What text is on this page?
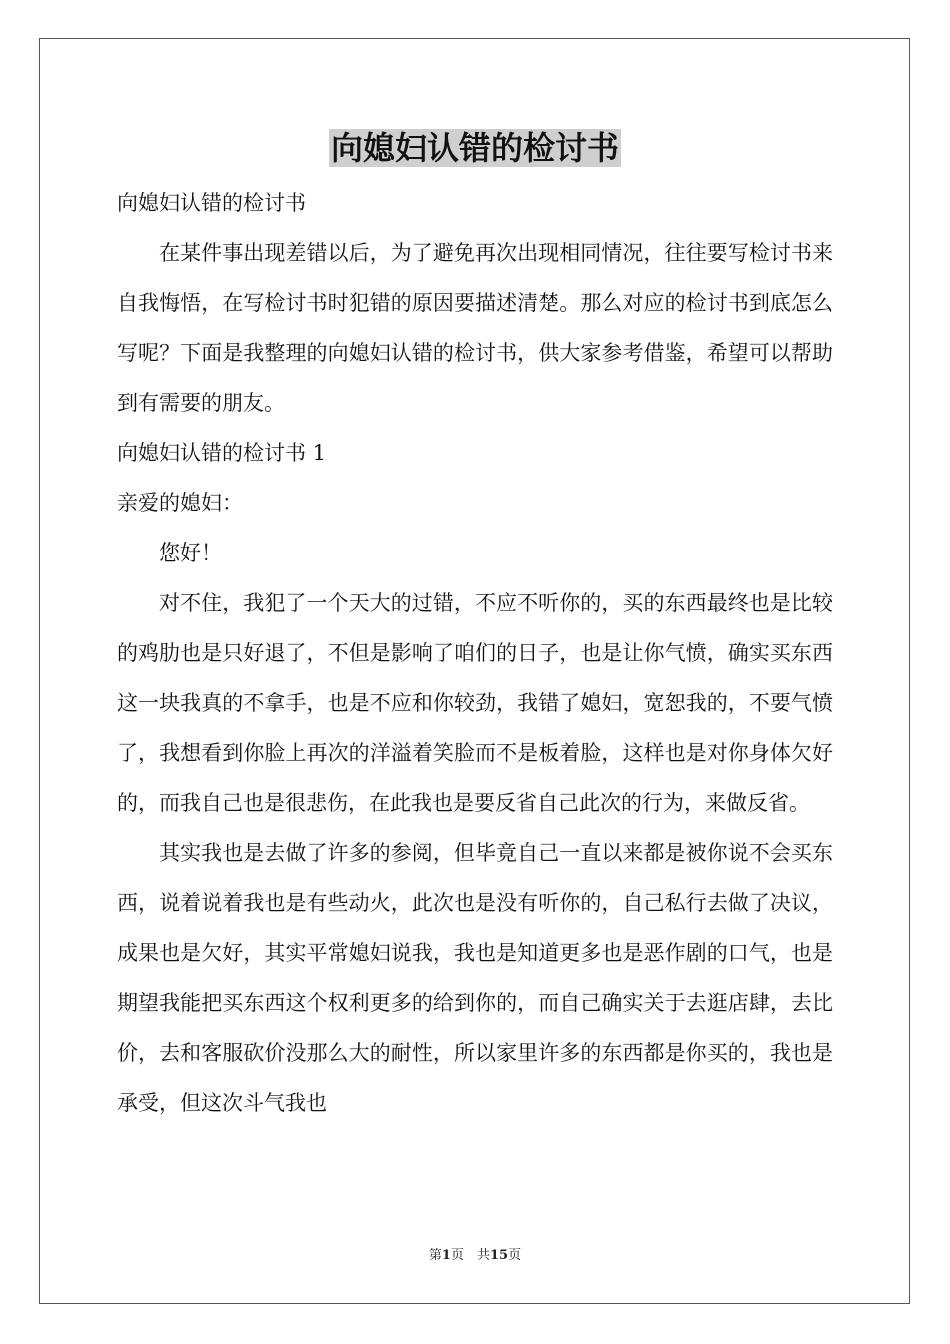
向媳妇认错的检讨书

向媳妇认错的检讨书

在某件事出现差错以后，为了避免再次出现相同情况，往往要写检讨书来自我悔悟，在写检讨书时犯错的原因要描述清楚。那么对应的检讨书到底怎么写呢？下面是我整理的向媳妇认错的检讨书，供大家参考借鉴，希望可以帮助到有需要的朋友。

向媳妇认错的检讨书 1

亲爱的媳妇：

您好！

对不住，我犯了一个天大的过错，不应不听你的，买的东西最终也是比较的鸡肋也是只好退了，不但是影响了咱们的日子，也是让你气愤，确实买东西这一块我真的不拿手，也是不应和你较劲，我错了媳妇，宽恕我的，不要气愤了，我想看到你脸上再次的洋溢着笑脸而不是板着脸，这样也是对你身体欠好的，而我自己也是很悲伤，在此我也是要反省自己此次的行为，来做反省。

其实我也是去做了许多的参阅，但毕竟自己一直以来都是被你说不会买东西，说着说着我也是有些动火，此次也是没有听你的，自己私行去做了决议，成果也是欠好，其实平常媳妇说我，我也是知道更多也是恶作剧的口气，也是期望我能把买东西这个权利更多的给到你的，而自己确实关于去逛店肆，去比价，去和客服砍价没那么大的耐性，所以家里许多的东西都是你买的，我也是承受，但这次斗气我也

第1页　共15页
